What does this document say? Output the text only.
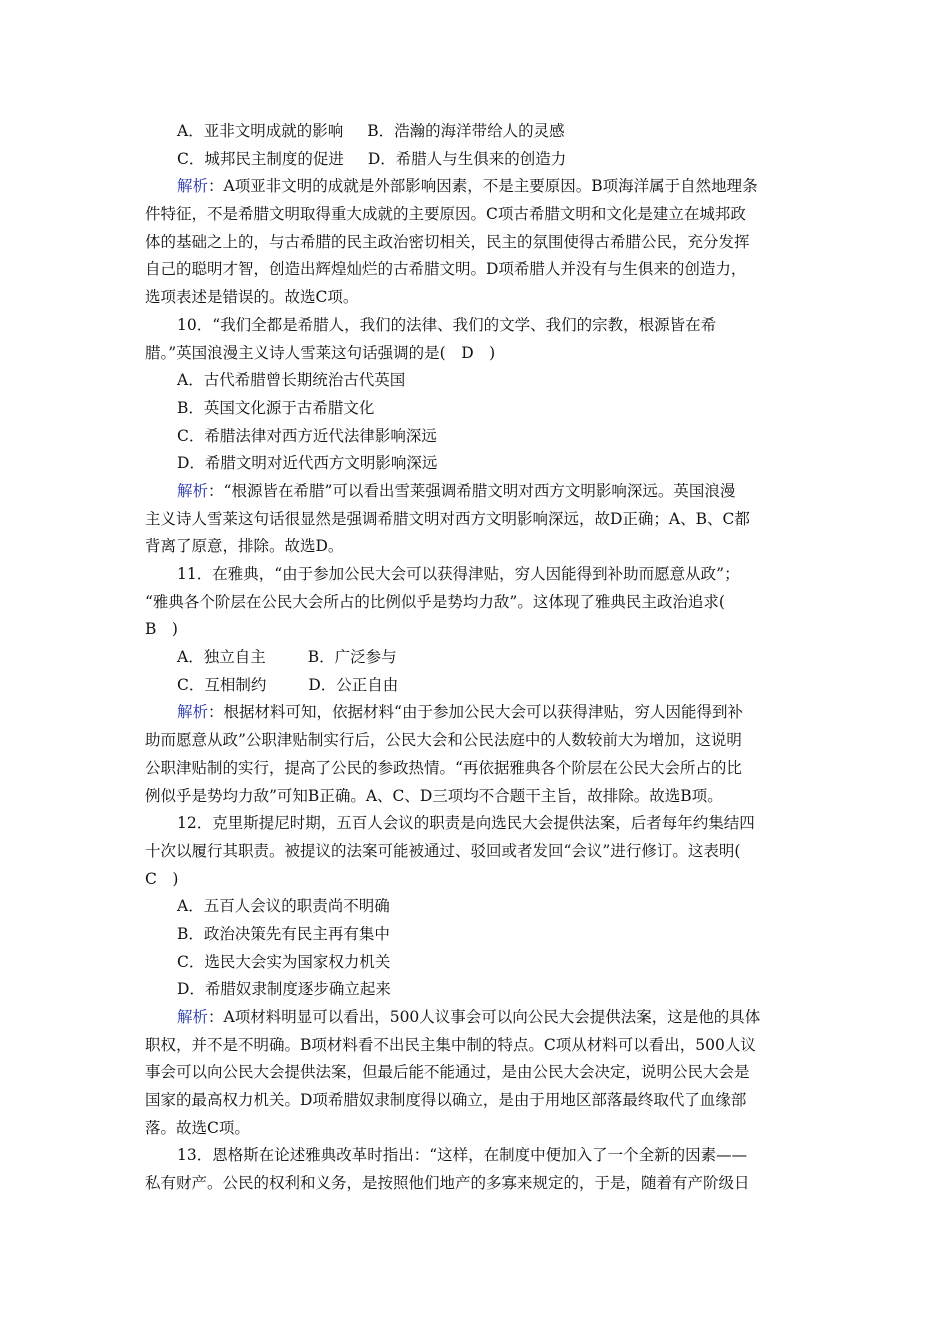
A．亚非文明成就的影响 B．浩瀚的海洋带给人的灵感
C．城邦民主制度的促进 D．希腊人与生俱来的创造力
解析：A项亚非文明的成就是外部影响因素，不是主要原因。B项海洋属于自然地理条
件特征，不是希腊文明取得重大成就的主要原因。C项古希腊文明和文化是建立在城邦政
体的基础之上的，与古希腊的民主政治密切相关，民主的氛围使得古希腊公民，充分发挥
自己的聪明才智，创造出辉煌灿烂的古希腊文明。D项希腊人并没有与生俱来的创造力，
选项表述是错误的。故选C项。
10．“我们全都是希腊人，我们的法律、我们的文学、我们的宗教，根源皆在希
腊。”英国浪漫主义诗人雪莱这句话强调的是(　D　)
A．古代希腊曾长期统治古代英国
B．英国文化源于古希腊文化
C．希腊法律对西方近代法律影响深远
D．希腊文明对近代西方文明影响深远
解析：“根源皆在希腊”可以看出雪莱强调希腊文明对西方文明影响深远。英国浪漫
主义诗人雪莱这句话很显然是强调希腊文明对西方文明影响深远，故D正确；A、B、C都
背离了原意，排除。故选D。
11．在雅典，“由于参加公民大会可以获得津贴，穷人因能得到补助而愿意从政”；
“雅典各个阶层在公民大会所占的比例似乎是势均力敌”。这体现了雅典民主政治追求(
B　)
A．独立自主	B．广泛参与
C．互相制约	D．公正自由
解析：根据材料可知，依据材料“由于参加公民大会可以获得津贴，穷人因能得到补
助而愿意从政”公职津贴制实行后，公民大会和公民法庭中的人数较前大为增加，这说明
公职津贴制的实行，提高了公民的参政热情。“再依据雅典各个阶层在公民大会所占的比
例似乎是势均力敌”可知B正确。A、C、D三项均不合题干主旨，故排除。故选B项。
12．克里斯提尼时期，五百人会议的职责是向选民大会提供法案，后者每年约集结四
十次以履行其职责。被提议的法案可能被通过、驳回或者发回“会议”进行修订。这表明(
C　)
A．五百人会议的职责尚不明确
B．政治决策先有民主再有集中
C．选民大会实为国家权力机关
D．希腊奴隶制度逐步确立起来
解析：A项材料明显可以看出，500人议事会可以向公民大会提供法案，这是他的具体
职权，并不是不明确。B项材料看不出民主集中制的特点。C项从材料可以看出，500人议
事会可以向公民大会提供法案，但最后能不能通过，是由公民大会决定，说明公民大会是
国家的最高权力机关。D项希腊奴隶制度得以确立，是由于用地区部落最终取代了血缘部
落。故选C项。
13．恩格斯在论述雅典改革时指出：“这样，在制度中便加入了一个全新的因素——
私有财产。公民的权利和义务，是按照他们地产的多寡来规定的，于是，随着有产阶级日
